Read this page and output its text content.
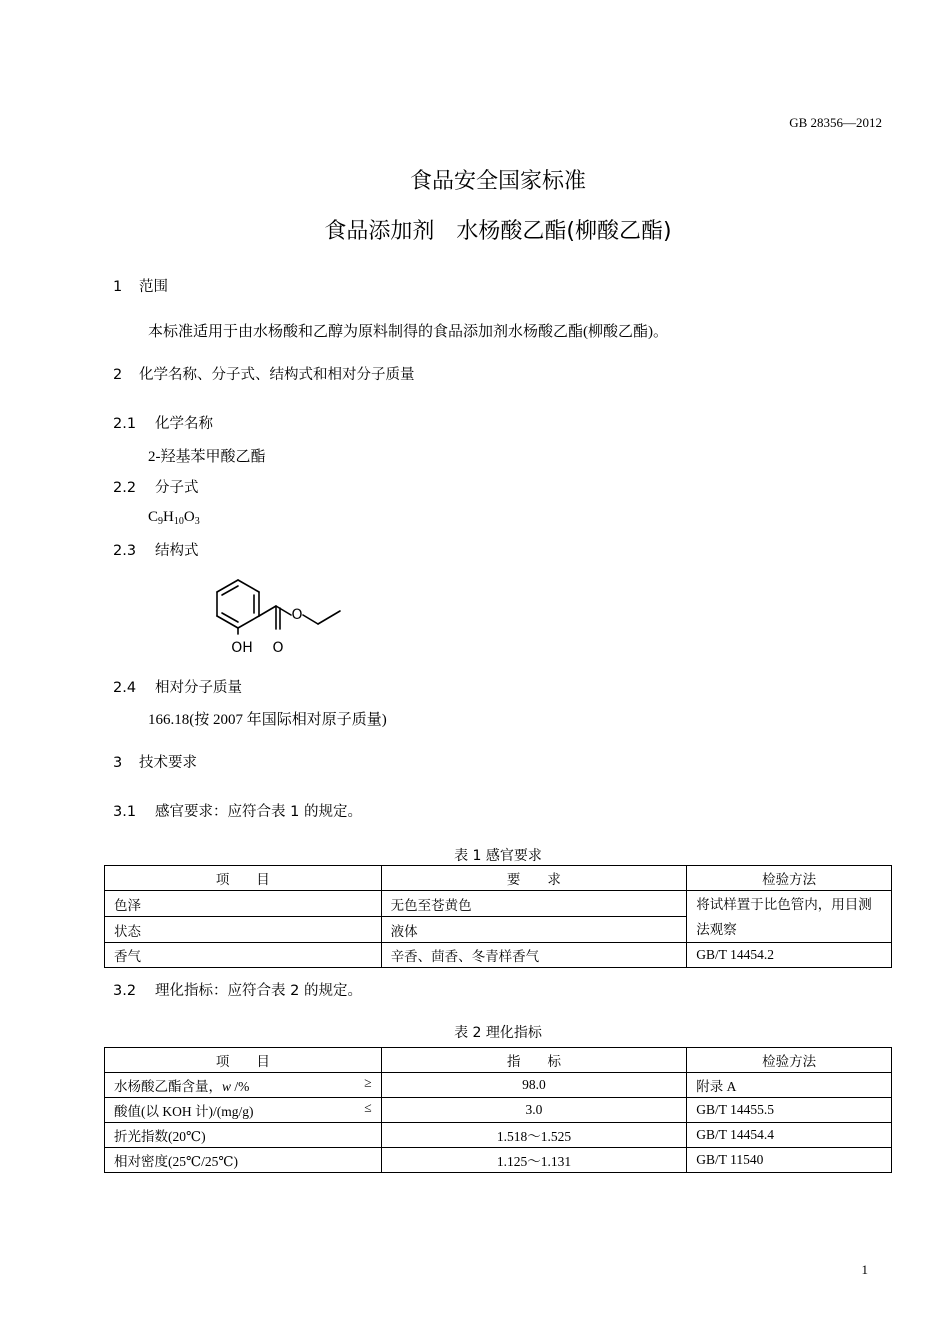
GB 28356—2012
食品安全国家标准
食品添加剂　水杨酸乙酯(柳酸乙酯)
1 范围
本标准适用于由水杨酸和乙醇为原料制得的食品添加剂水杨酸乙酯(柳酸乙酯)。
2 化学名称、分子式、结构式和相对分子质量
2.1 化学名称
2-羟基苯甲酸乙酯
2.2 分子式
$C_9H_{10}O_3$
2.3 结构式
O
O
OH
2.4 相对分子质量
166.18(按 2007 年国际相对原子质量)
3 技术要求
3.1 感官要求：应符合表 1 的规定。
表 1 感官要求
项　　目	要　　求	检验方法
色泽	无色至苍黄色	将试样置于比色管内，用目测
法观察

状态	液体	
香气	辛香、茴香、冬青样香气	GB/T 14454.2
3.2 理化指标：应符合表 2 的规定。
表 2 理化指标
项　　目	指　　标	检验方法

水杨酸乙酯含量，w /% ≥	98.0	附录 A

酸值(以 KOH 计)/(mg/g) ≤	3.0	GB/T 14455.5
折光指数(20℃)	1.518～1.525	GB/T 14454.4
相对密度(25℃/25℃)	1.125～1.131	GB/T 11540
1
